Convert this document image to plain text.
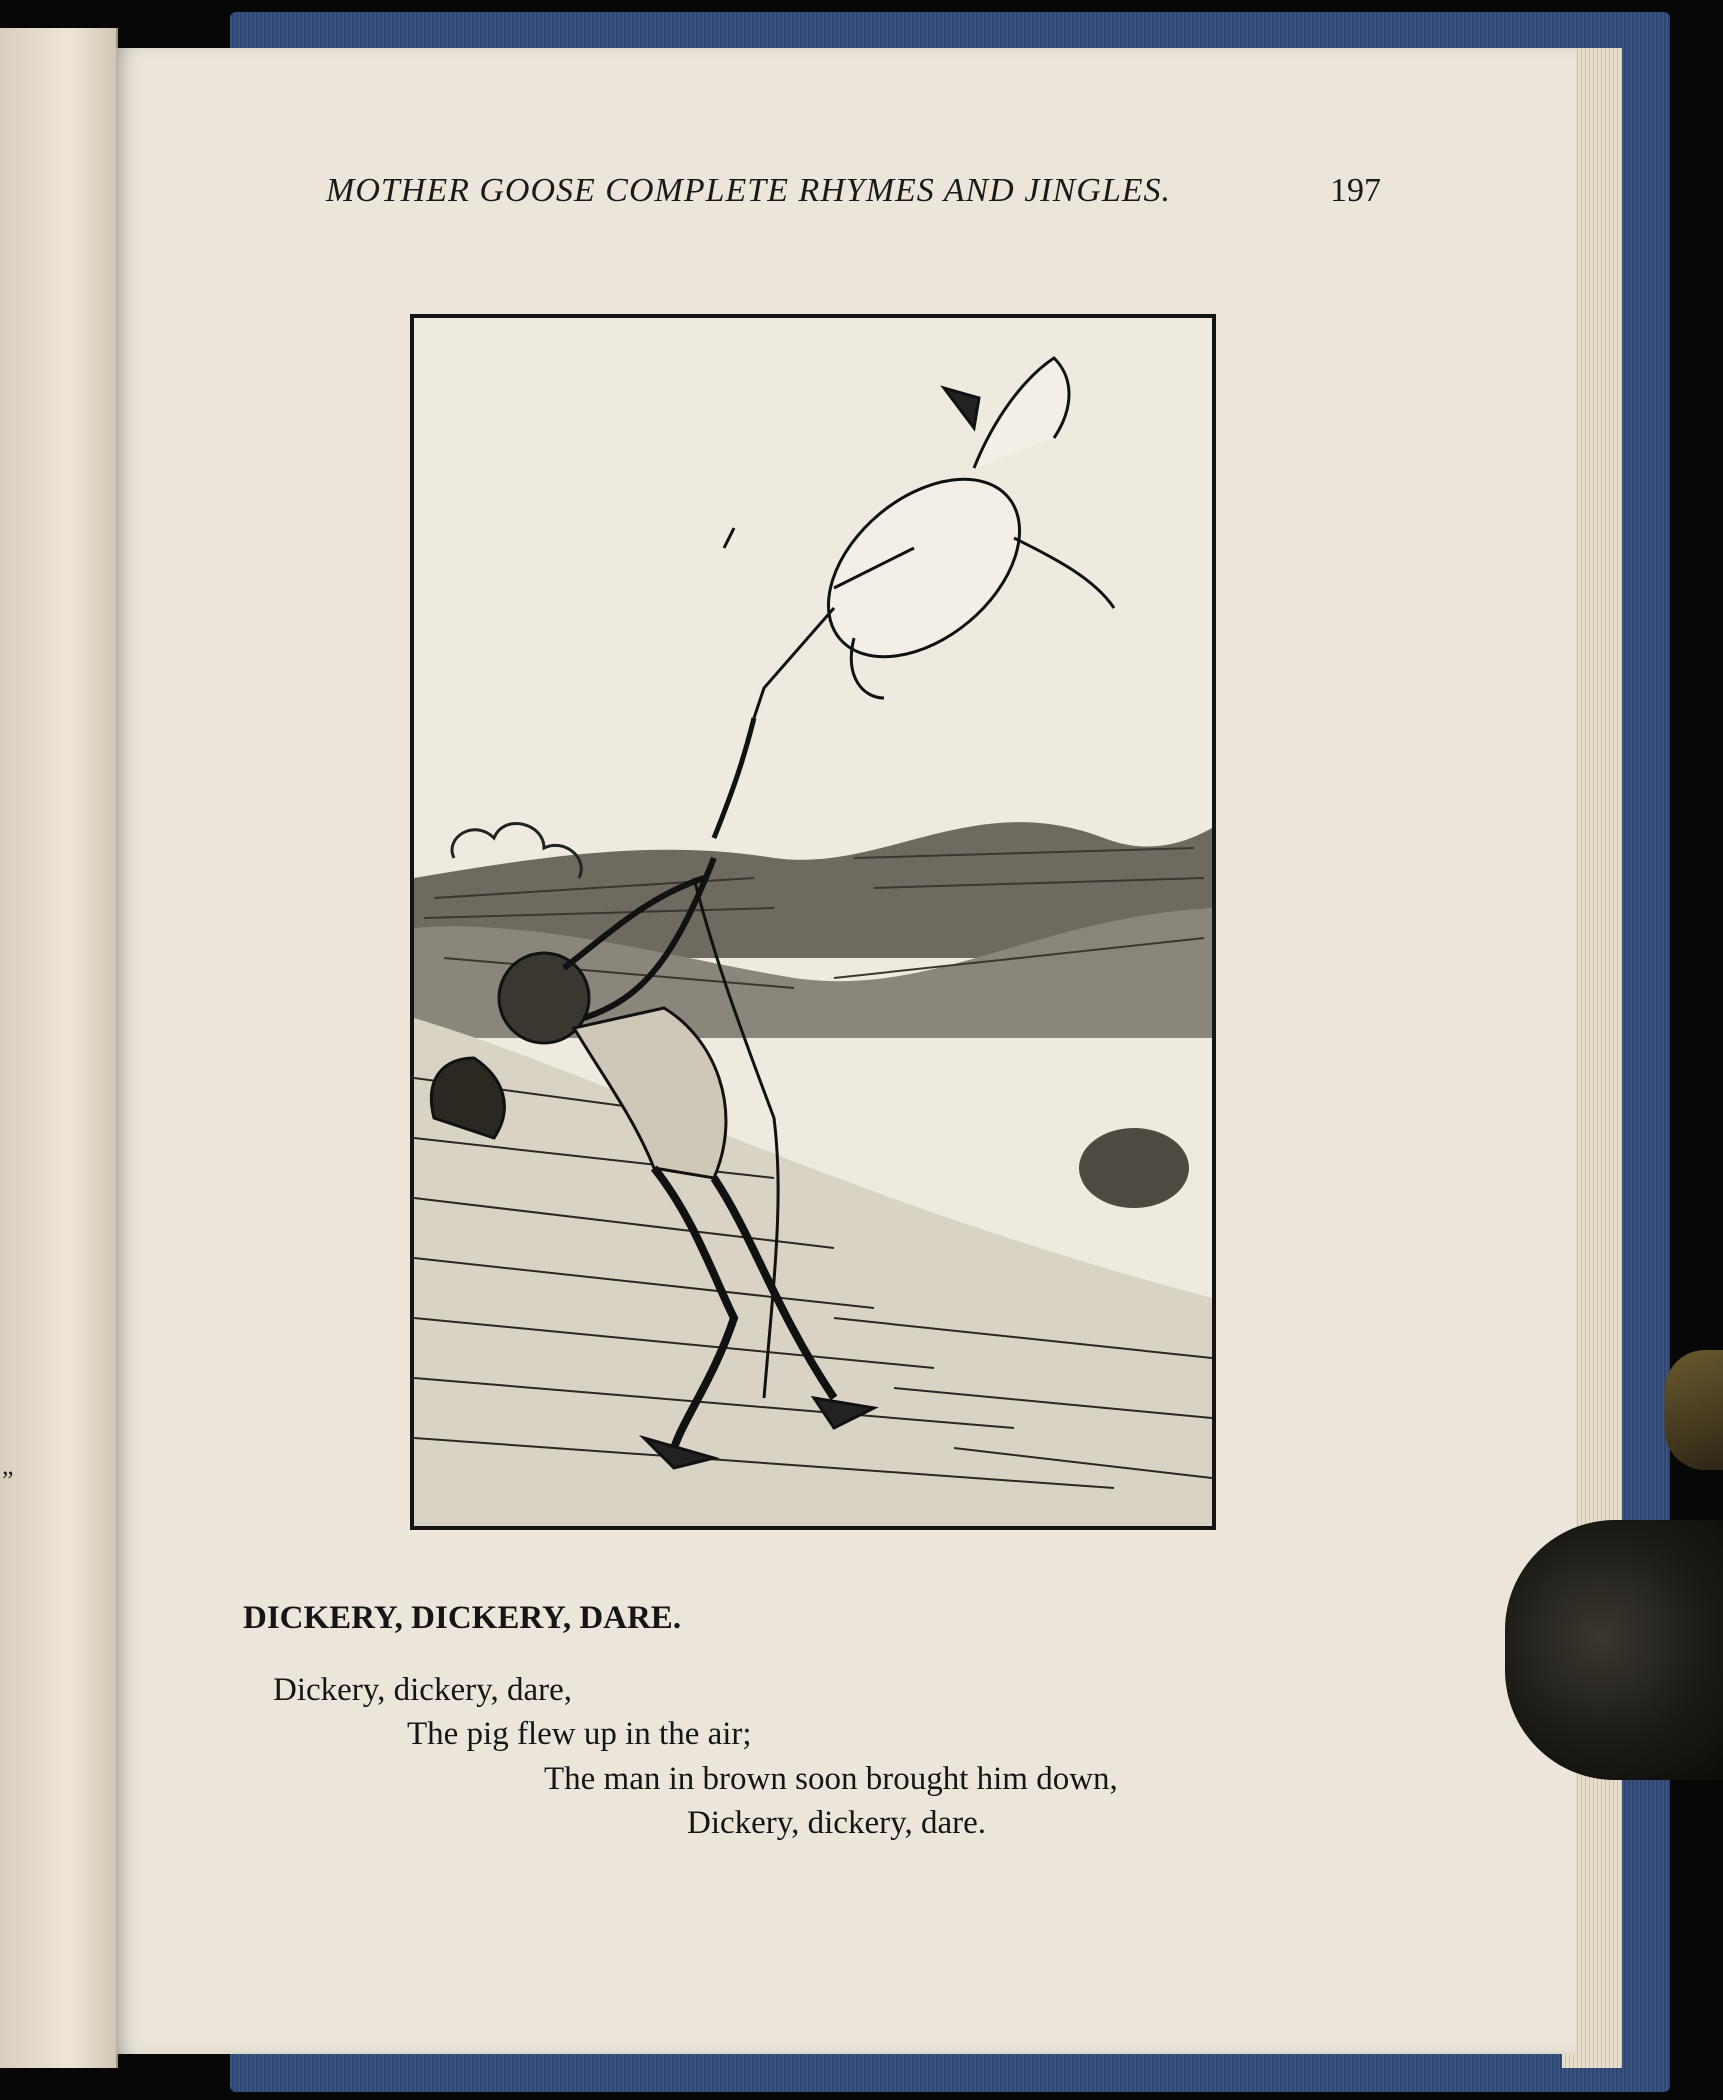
”
MOTHER GOOSE COMPLETE RHYMES AND JINGLES.	197
DICKERY, DICKERY, DARE.
Dickery, dickery, dare,
The pig flew up in the air;
The man in brown soon brought him down,
Dickery, dickery, dare.
